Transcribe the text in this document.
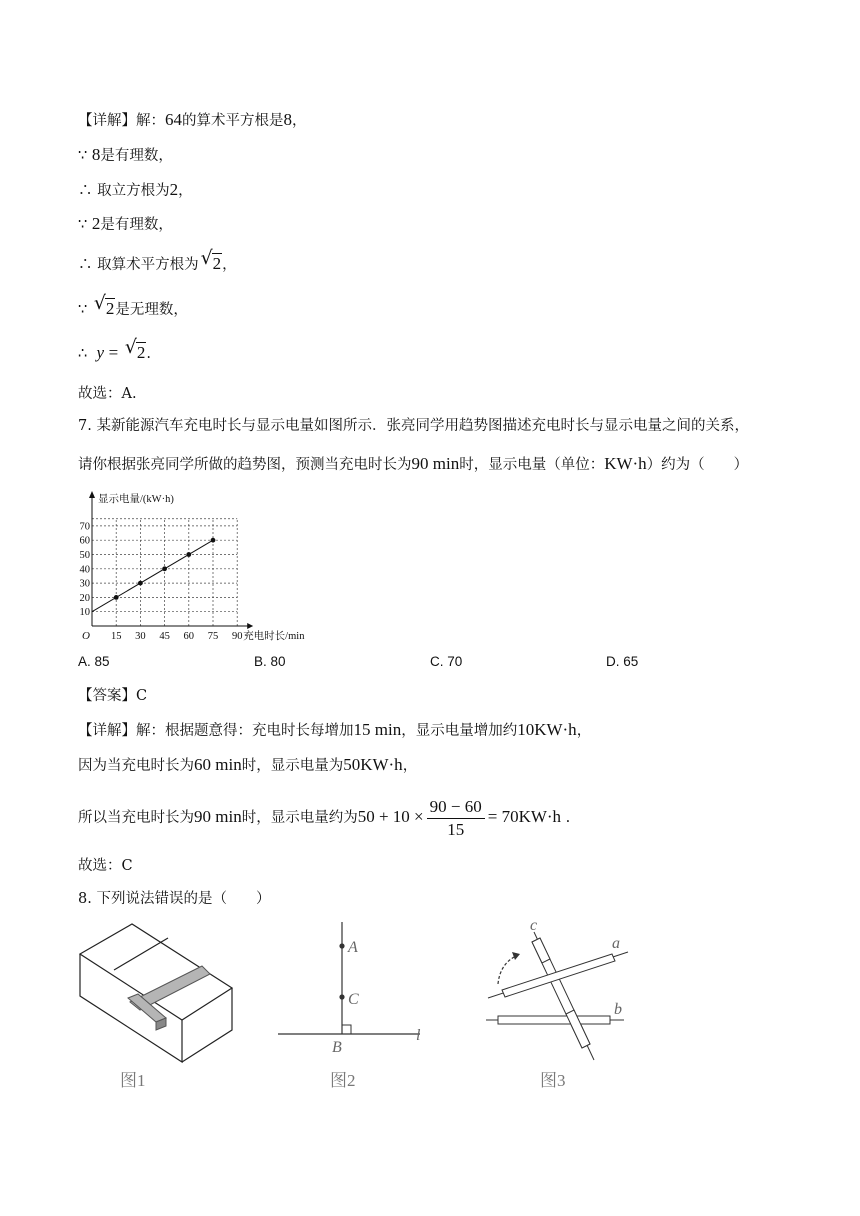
【详解】解：64的算术平方根是8，
∵ 8是有理数，
∴ 取立方根为2，
∵ 2是有理数，
∴ 取算术平方根为 √ 2，
∵ √ 2是无理数，
∴ y = √ 2.
故选：A.
7. 某新能源汽车充电时长与显示电量如图所示．张亮同学用趋势图描述充电时长与显示电量之间的关系，
请你根据张亮同学所做的趋势图，预测当充电时长为90 min时，显示电量（单位：KW·h）约为（　　）
15 30 45 60 75 90
10
20
30
40
50
60
70
O
显示电量/(kW·h)
充电时长/min
A. 85	B. 80	C. 70	D. 65
【答案】C
【详解】解：根据题意得：充电时长每增加15 min，显示电量增加约10KW·h，
因为当充电时长为60 min时，显示电量为50KW·h，
所以当充电时长为90 min时，显示电量约为$50 + 10 \times \frac{90 - 60}{15} = 70KW\cdot h$ .
故选：C
8. 下列说法错误的是（　　）
图1
A
C
B
l
图2
c
a
b
图3
